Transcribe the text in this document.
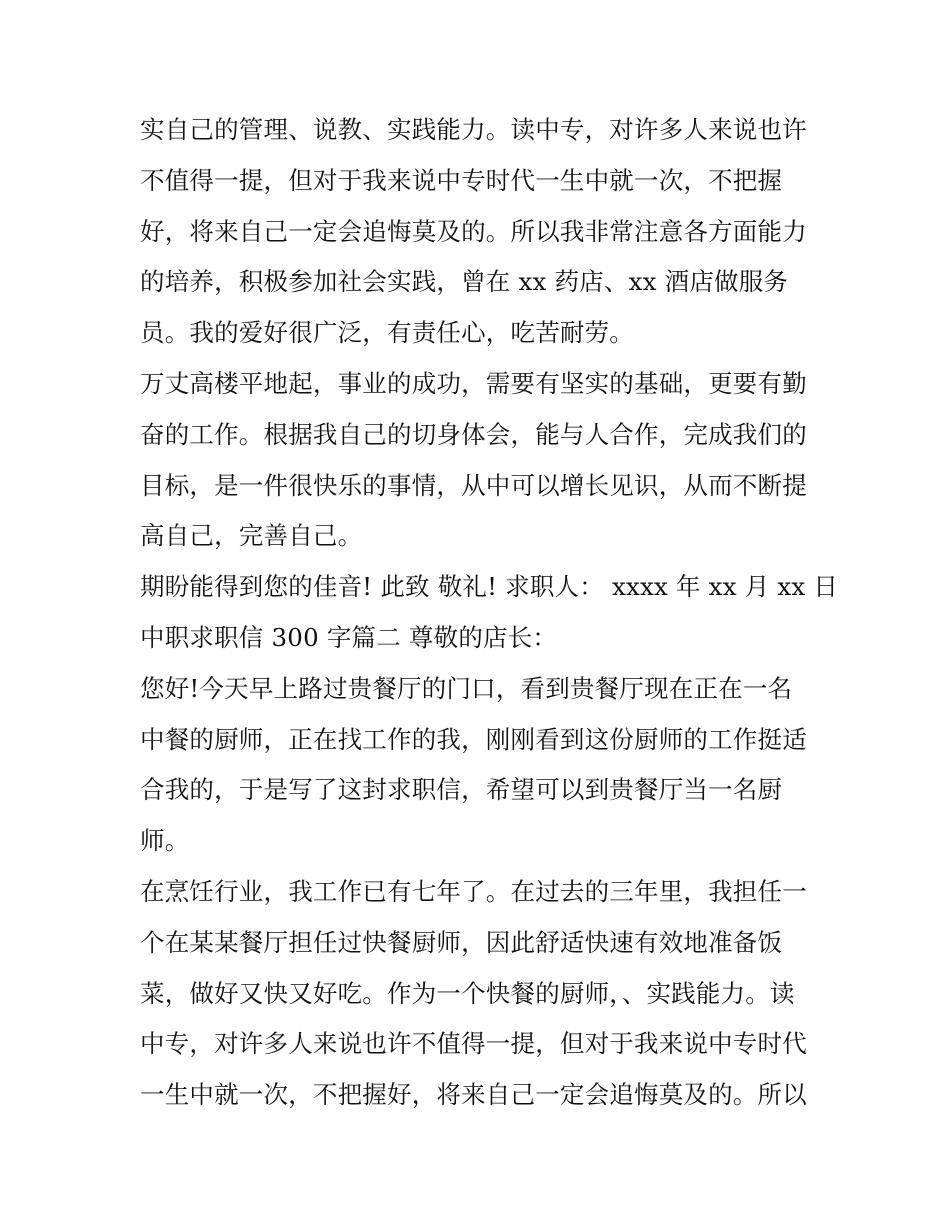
实自己的管理、说教、实践能力。读中专，对许多人来说也许
不值得一提，但对于我来说中专时代一生中就一次，不把握
好，将来自己一定会追悔莫及的。所以我非常注意各方面能力
的培养，积极参加社会实践，曾在 xx 药店、xx 酒店做服务
员。我的爱好很广泛，有责任心，吃苦耐劳。
万丈高楼平地起，事业的成功，需要有坚实的基础，更要有勤
奋的工作。根据我自己的切身体会，能与人合作，完成我们的
目标，是一件很快乐的事情，从中可以增长见识，从而不断提
高自己，完善自己。
期盼能得到您的佳音! 此致 敬礼! 求职人： xxxx 年 xx 月 xx 日
中职求职信 300 字篇二 尊敬的店长：
您好!今天早上路过贵餐厅的门口，看到贵餐厅现在正在一名
中餐的厨师，正在找工作的我，刚刚看到这份厨师的工作挺适
合我的，于是写了这封求职信，希望可以到贵餐厅当一名厨
师。
在烹饪行业，我工作已有七年了。在过去的三年里，我担任一
个在某某餐厅担任过快餐厨师，因此舒适快速有效地准备饭
菜，做好又快又好吃。作为一个快餐的厨师，、实践能力。读
中专，对许多人来说也许不值得一提，但对于我来说中专时代
一生中就一次，不把握好，将来自己一定会追悔莫及的。所以
